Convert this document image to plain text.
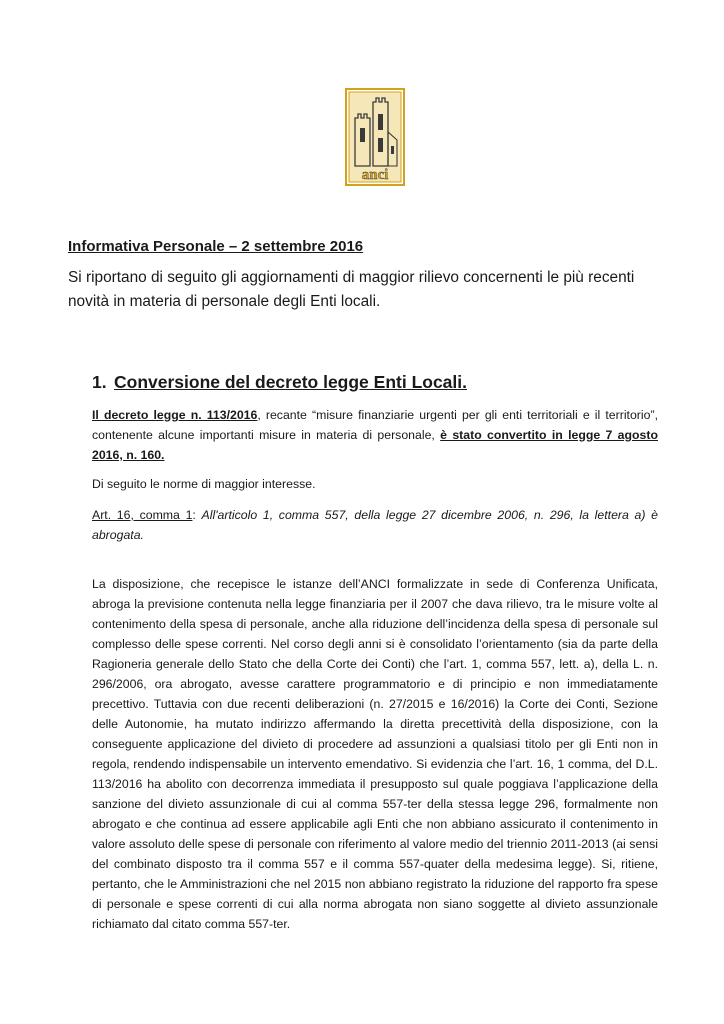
anci
Informativa Personale – 2 settembre 2016
Si riportano di seguito gli aggiornamenti di maggior rilievo concernenti le più recenti novità in materia di personale degli Enti locali.
1. Conversione del decreto legge Enti Locali.
Il decreto legge n. 113/2016, recante “misure finanziarie urgenti per gli enti territoriali e il territorio”, contenente alcune importanti misure in materia di personale, è stato convertito in legge 7 agosto 2016, n. 160.
Di seguito le norme di maggior interesse.
Art. 16, comma 1: All'articolo 1, comma 557, della legge 27 dicembre 2006, n. 296, la lettera a) è abrogata.
La disposizione, che recepisce le istanze dell’ANCI formalizzate in sede di Conferenza Unificata, abroga la previsione contenuta nella legge finanziaria per il 2007 che dava rilievo, tra le misure volte al contenimento della spesa di personale, anche alla riduzione dell’incidenza della spesa di personale sul complesso delle spese correnti. Nel corso degli anni si è consolidato l’orientamento (sia da parte della Ragioneria generale dello Stato che della Corte dei Conti) che l’art. 1, comma 557, lett. a), della L. n. 296/2006, ora abrogato, avesse carattere programmatorio e di principio e non immediatamente precettivo. Tuttavia con due recenti deliberazioni (n. 27/2015 e 16/2016) la Corte dei Conti, Sezione delle Autonomie, ha mutato indirizzo affermando la diretta precettività della disposizione, con la conseguente applicazione del divieto di procedere ad assunzioni a qualsiasi titolo per gli Enti non in regola, rendendo indispensabile un intervento emendativo. Si evidenzia che l’art. 16, 1 comma, del D.L. 113/2016 ha abolito con decorrenza immediata il presupposto sul quale poggiava l’applicazione della sanzione del divieto assunzionale di cui al comma 557-ter della stessa legge 296, formalmente non abrogato e che continua ad essere applicabile agli Enti che non abbiano assicurato il contenimento in valore assoluto delle spese di personale con riferimento al valore medio del triennio 2011-2013 (ai sensi del combinato disposto tra il comma 557 e il comma 557-quater della medesima legge). Si, ritiene, pertanto, che le Amministrazioni che nel 2015 non abbiano registrato la riduzione del rapporto fra spese di personale e spese correnti di cui alla norma abrogata non siano soggette al divieto assunzionale richiamato dal citato comma 557-ter.
